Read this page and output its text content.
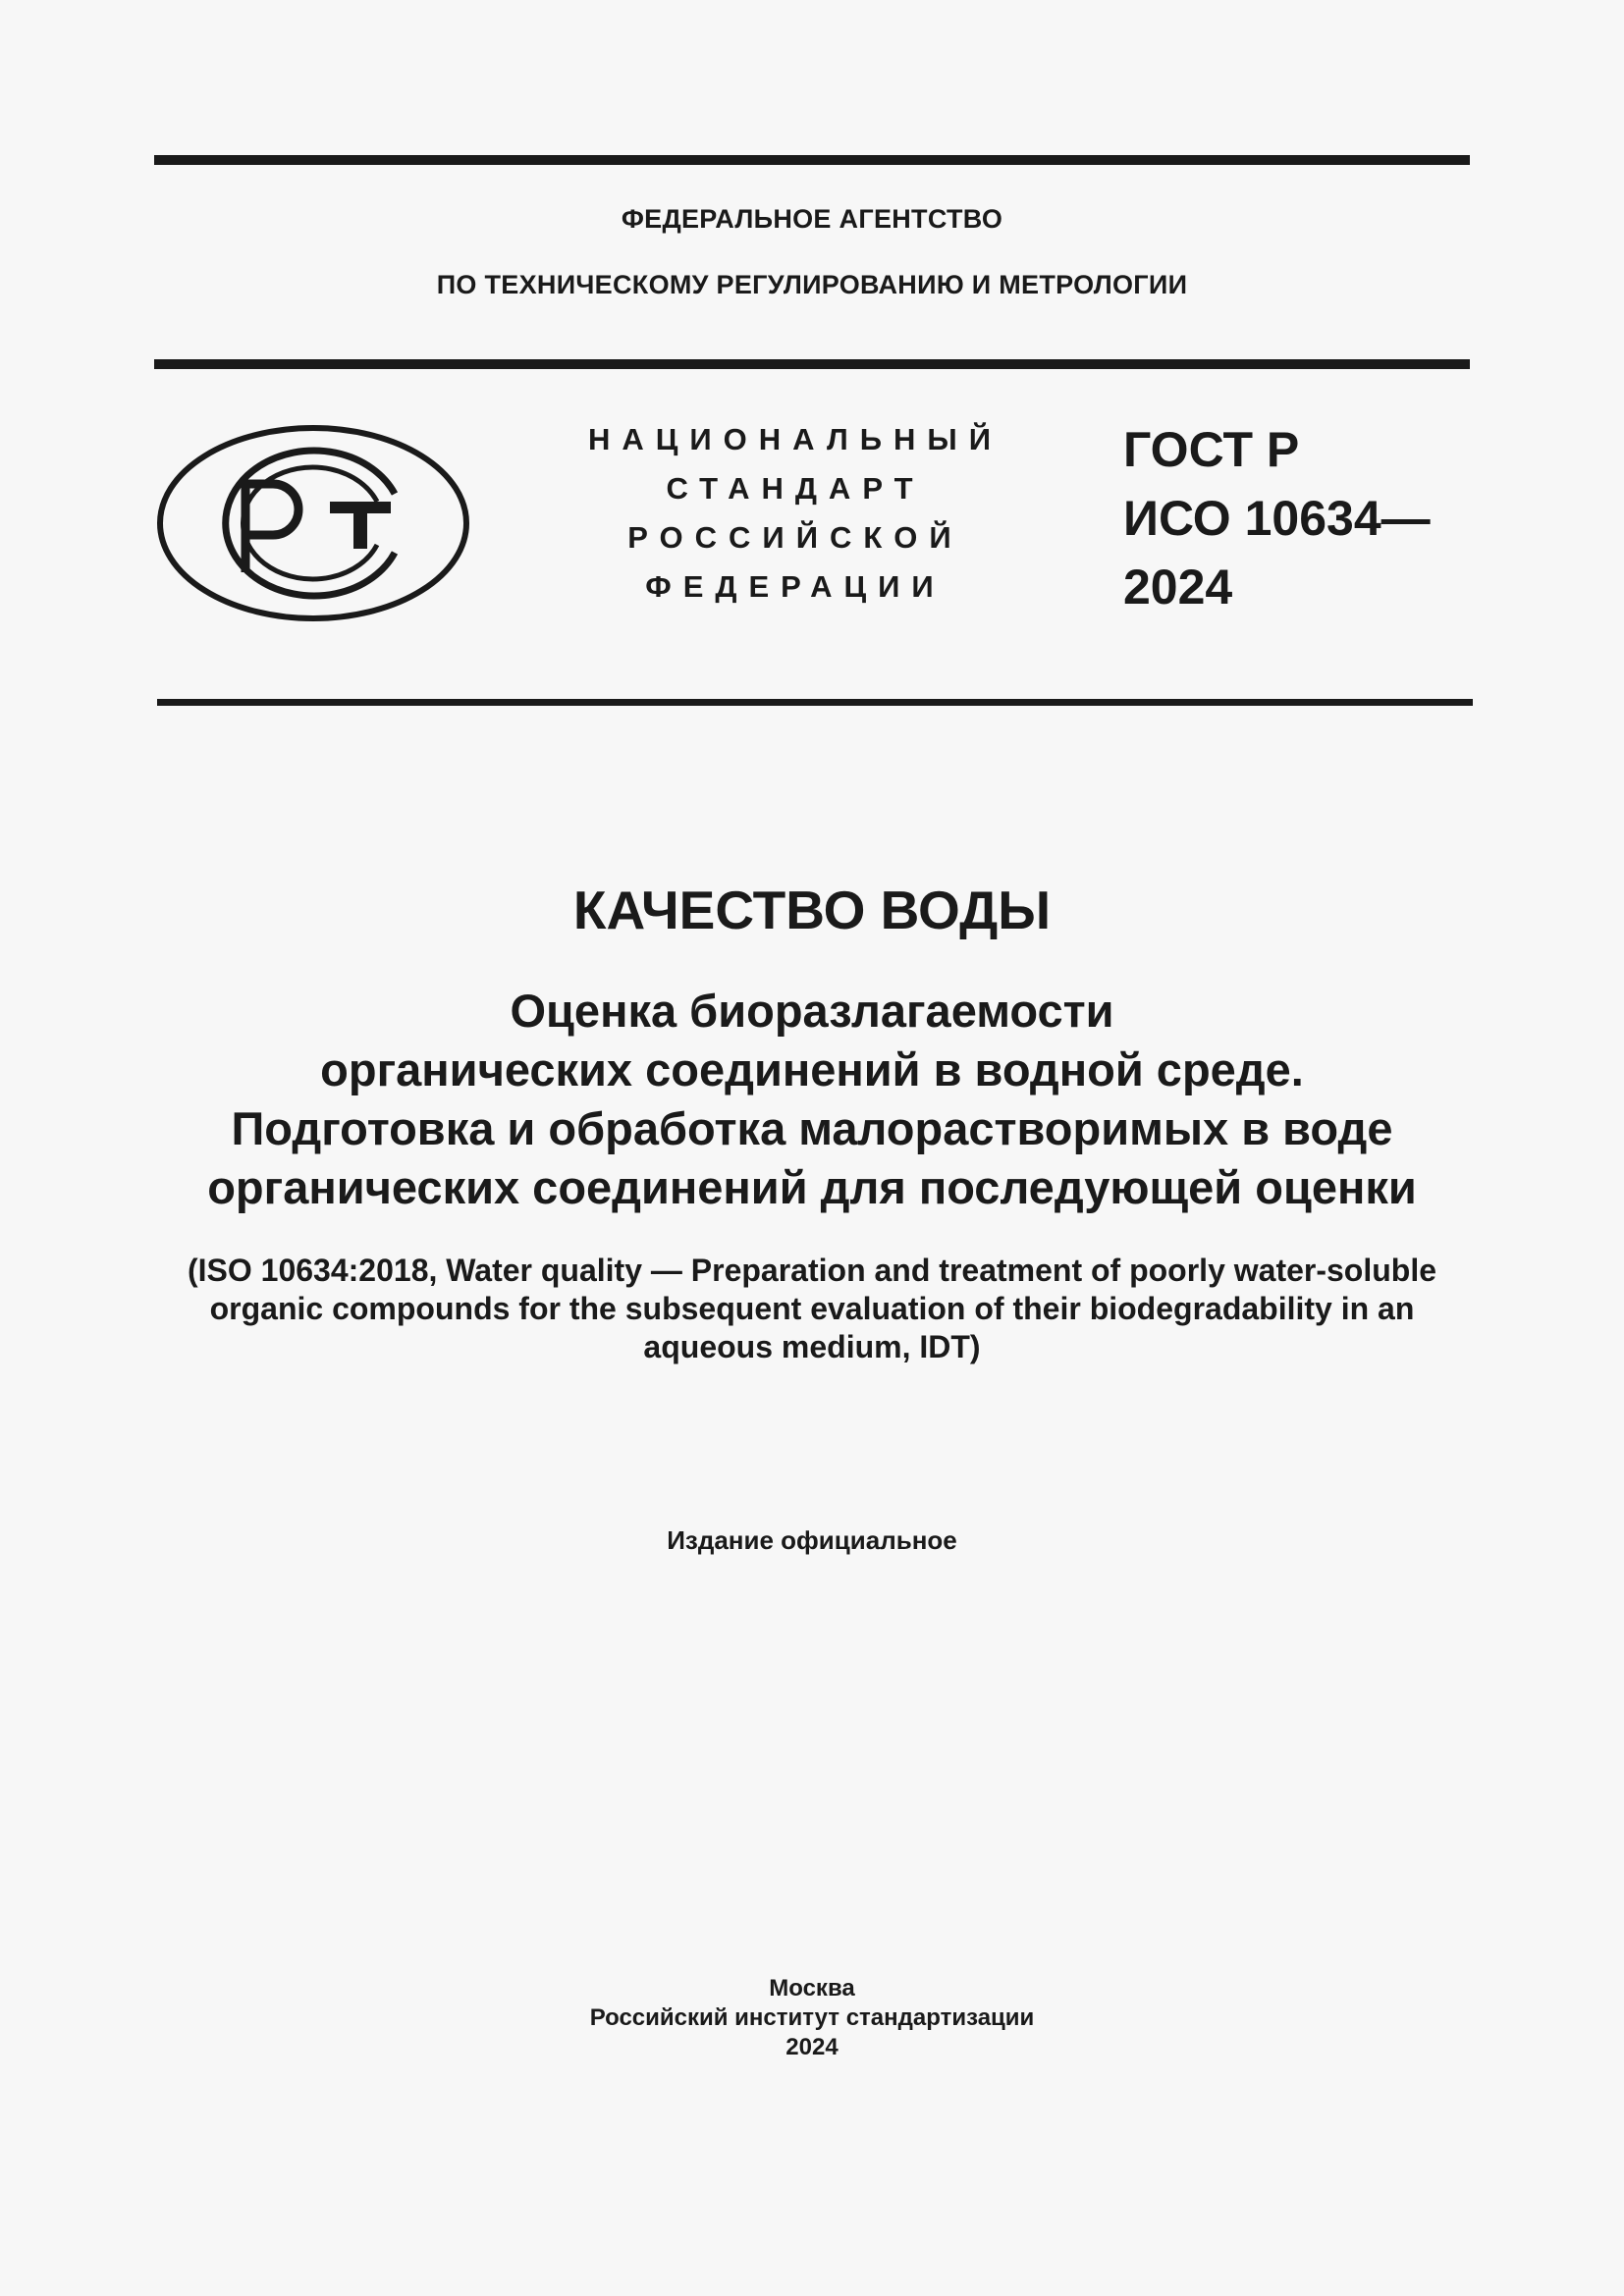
ФЕДЕРАЛЬНОЕ АГЕНТСТВО
ПО ТЕХНИЧЕСКОМУ РЕГУЛИРОВАНИЮ И МЕТРОЛОГИИ
НАЦИОНАЛЬНЫЙ
СТАНДАРТ
РОССИЙСКОЙ
ФЕДЕРАЦИИ
ГОСТ Р
ИСО 10634—
2024
КАЧЕСТВО ВОДЫ
Оценка биоразлагаемости
органических соединений в водной среде.
Подготовка и обработка малорастворимых в воде
органических соединений для последующей оценки
(ISO 10634:2018, Water quality — Preparation and treatment of poorly water-soluble
organic compounds for the subsequent evaluation of their biodegradability in an
aqueous medium, IDT)
Издание официальное
Москва
Российский институт стандартизации
2024
